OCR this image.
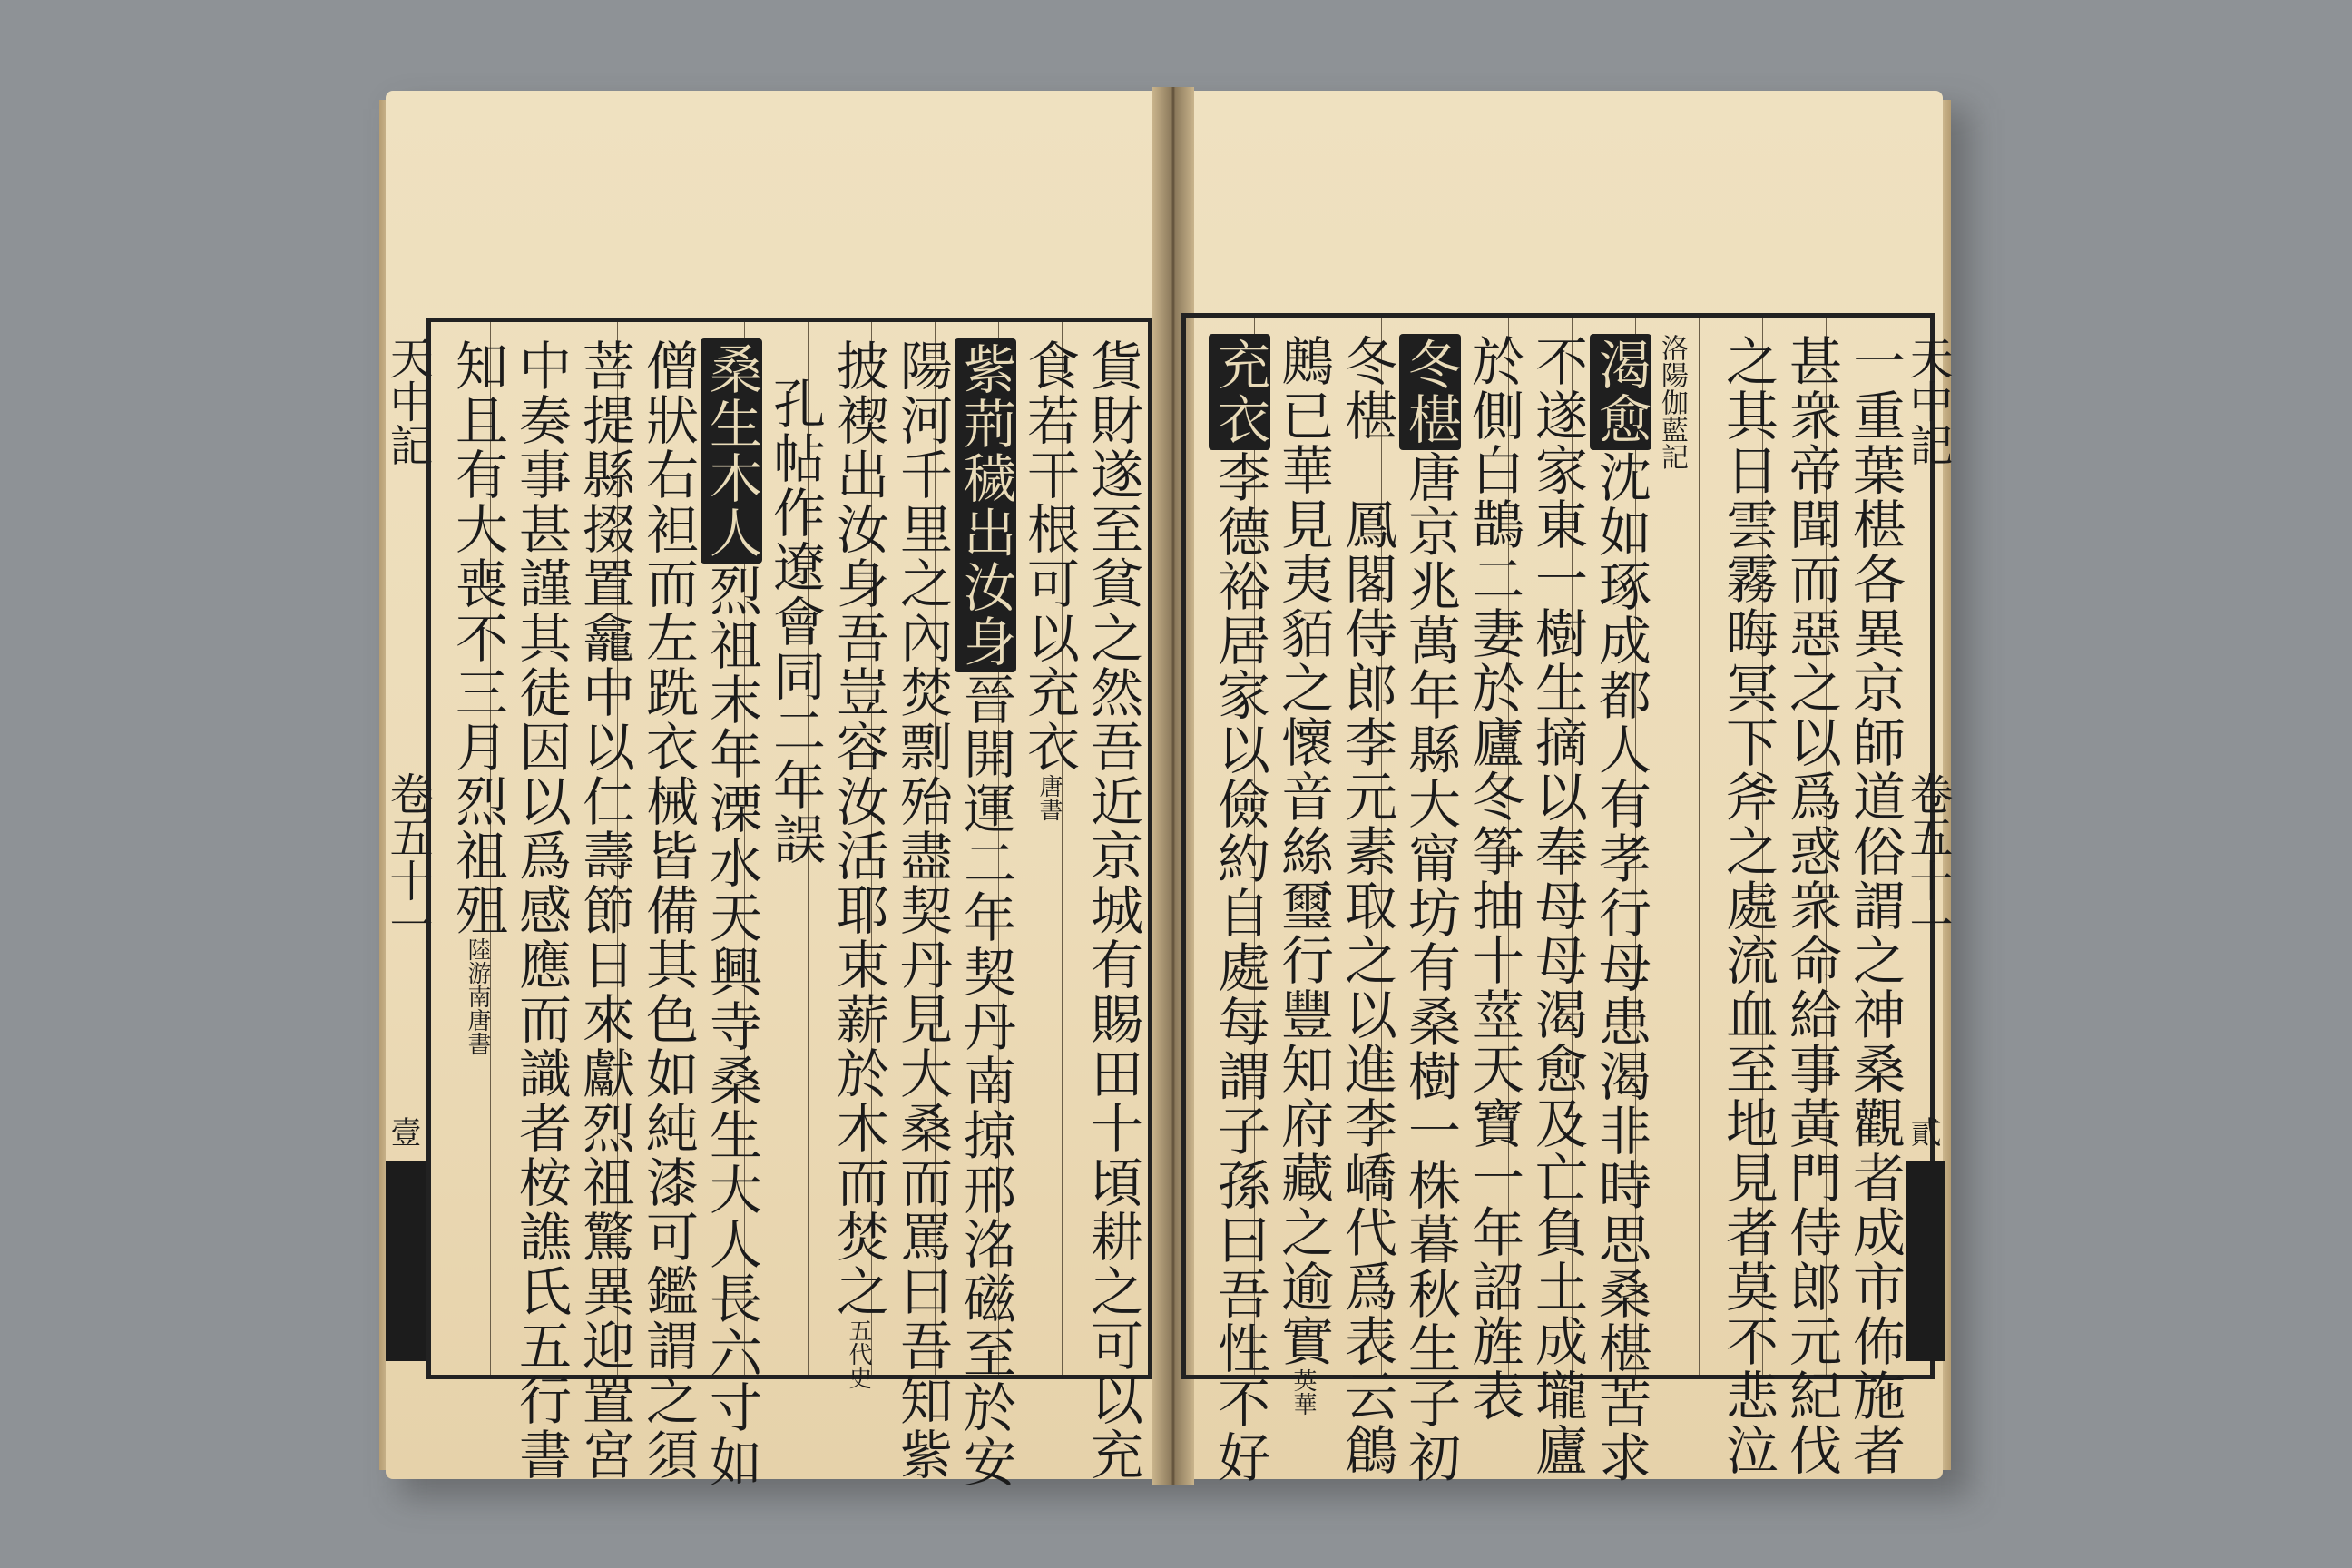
天中記
卷五十一
壹	貨財遂至貧之然吾近京城有賜田十頃耕之可以充
食若干根可以充衣唐書
紫荊穢出汝身晉開運二年契丹南掠邢洺磁至於安
陽河千里之內焚剽殆盡契丹見大桑而罵曰吾知紫
披褉出汝身吾豈容汝活耶束薪於木而焚之五代史
孔帖作遼會同二年誤
桑生木人烈祖末年溧水天興寺桑生大人長六寸如
僧狀右袒而左跣衣械皆備其色如純漆可鑑謂之須
菩提縣掇置龕中以仁壽節日來獻烈祖驚異迎置宮
中奏事甚謹其徒因以爲感應而識者桉譙氏五行書
知且有大喪不三月烈祖殂陸游南唐書	一重葉椹各異京師道俗謂之神桑觀者成市佈施者
甚衆帝聞而惡之以爲惑衆命給事黃門侍郎元紀伐
之其日雲霧晦冥下斧之處流血至地見者莫不悲泣
洛陽伽藍記
渴愈沈如琢成都人有孝行母患渴非時思桑椹苦求
不遂家東一樹生摘以奉母母渴愈及亡負土成壠廬
於側白鵲二妻於廬冬筝抽十莖天寶一年詔旌表
冬椹唐京兆萬年縣大甯坊有桑樹一株暮秋生子初
冬椹　鳳閣侍郎李元素取之以進李嶠代爲表云鶬
鶊已華見夷貊之懷音絲璽行豐知府藏之逾實英華
充衣李德裕居家以儉約自處每謂子孫曰吾性不好
天中記
卷五十一
貳
